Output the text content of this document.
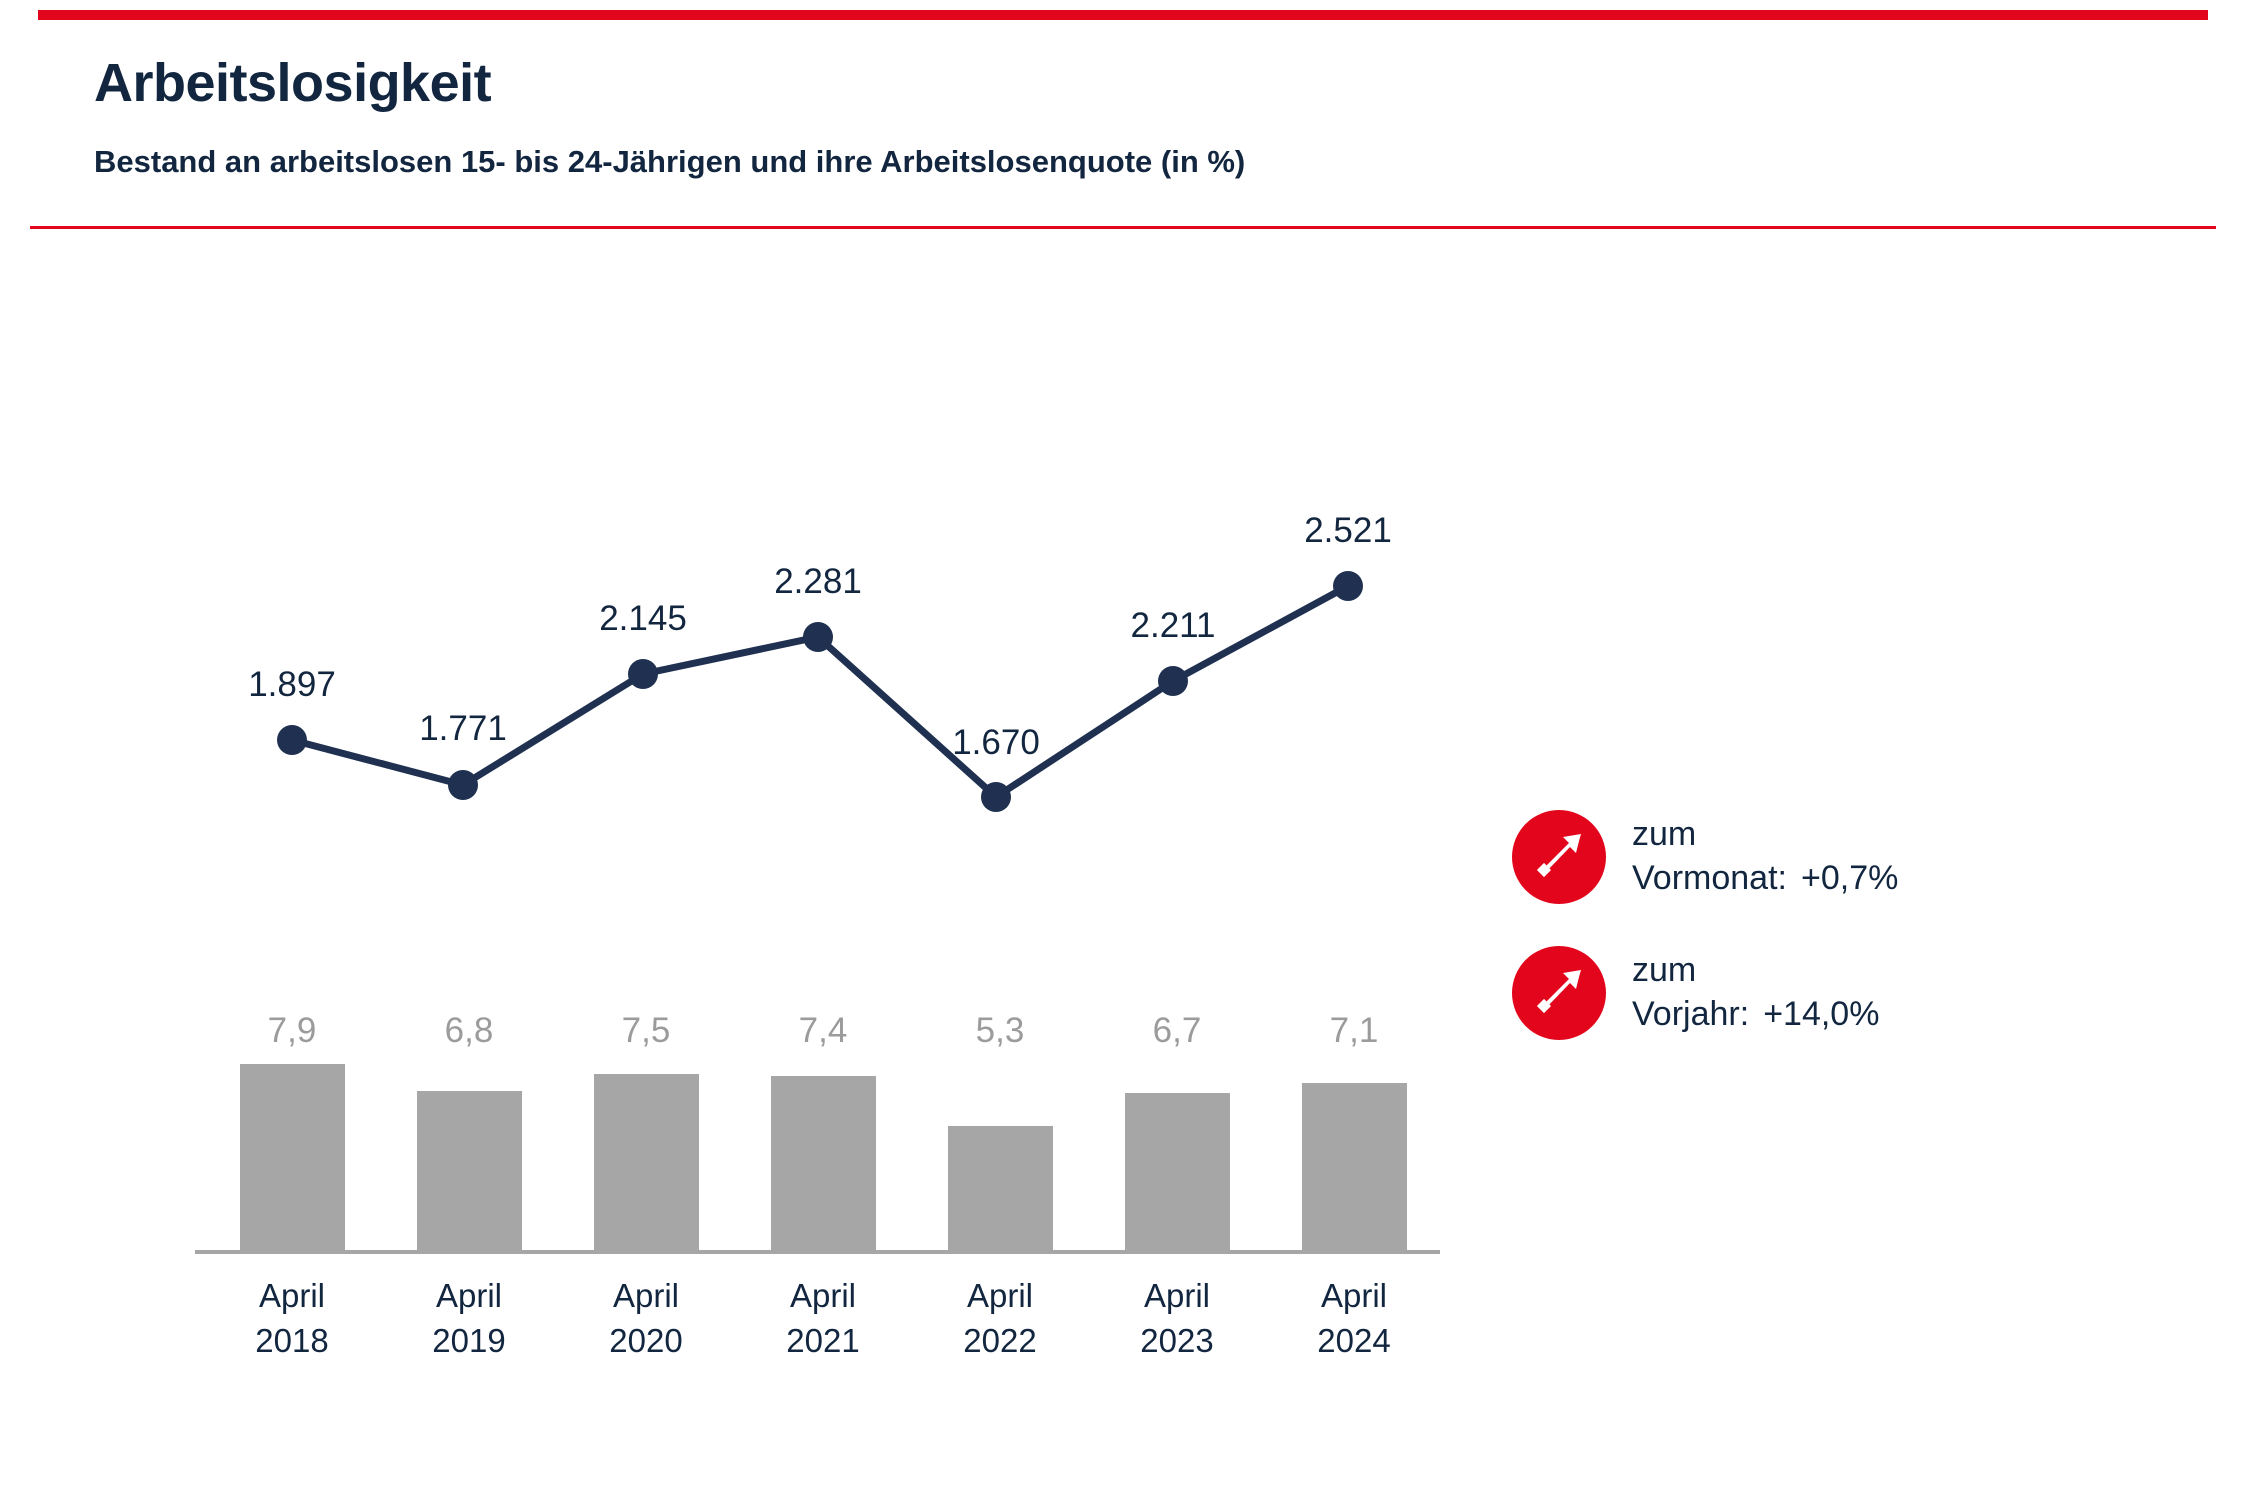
Arbeitslosigkeit

Bestand an arbeitslosen 15- bis 24-Jährigen und ihre Arbeitslosenquote (in %)

1.897
1.771
2.145
2.281
1.670
2.211
2.521
7,9	6,8	7,5	7,4	5,3	6,7	7,1
April
2018
April
2019
April
2020
April
2021
April
2022
April
2023
April
2024
zum
Vormonat: +0,7%
zum
Vorjahr: +14,0%
